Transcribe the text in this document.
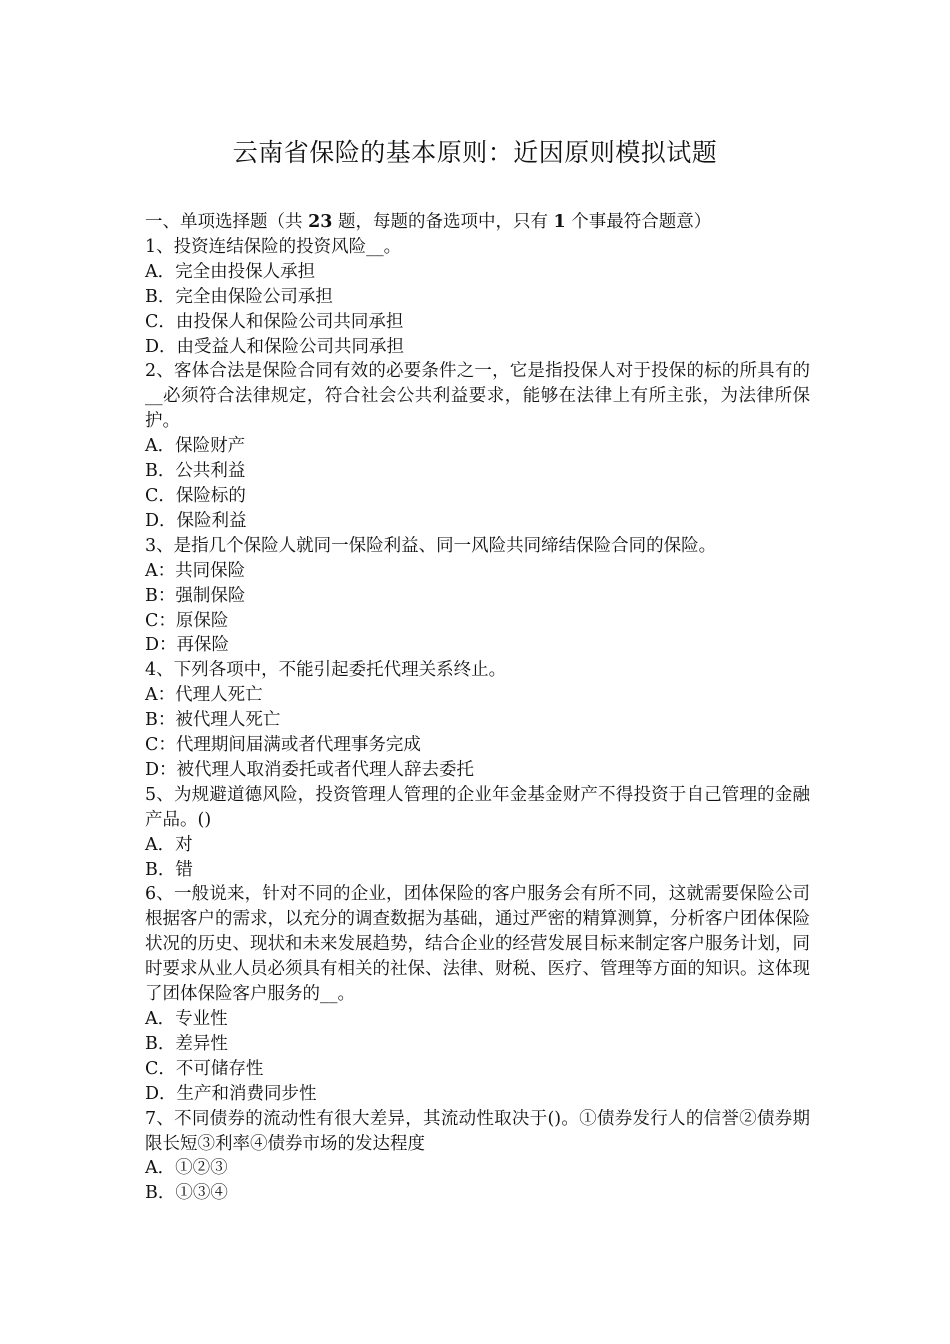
云南省保险的基本原则：近因原则模拟试题

一、单项选择题（共 23 题，每题的备选项中，只有 1 个事最符合题意）

1、投资连结保险的投资风险__。

A．完全由投保人承担

B．完全由保险公司承担

C．由投保人和保险公司共同承担

D．由受益人和保险公司共同承担

2、客体合法是保险合同有效的必要条件之一，它是指投保人对于投保的标的所具有的__必须符合法律规定，符合社会公共利益要求，能够在法律上有所主张，为法律所保护。

A．保险财产

B．公共利益

C．保险标的

D．保险利益

3、是指几个保险人就同一保险利益、同一风险共同缔结保险合同的保险。

A：共同保险

B：强制保险

C：原保险

D：再保险

4、下列各项中，不能引起委托代理关系终止。

A：代理人死亡

B：被代理人死亡

C：代理期间届满或者代理事务完成

D：被代理人取消委托或者代理人辞去委托

5、为规避道德风险，投资管理人管理的企业年金基金财产不得投资于自己管理的金融产品。()

A．对

B．错

6、一般说来，针对不同的企业，团体保险的客户服务会有所不同，这就需要保险公司根据客户的需求，以充分的调查数据为基础，通过严密的精算测算，分析客户团体保险状况的历史、现状和未来发展趋势，结合企业的经营发展目标来制定客户服务计划，同时要求从业人员必须具有相关的社保、法律、财税、医疗、管理等方面的知识。这体现了团体保险客户服务的__。

A．专业性

B．差异性

C．不可储存性

D．生产和消费同步性

7、不同债券的流动性有很大差异，其流动性取决于()。①债券发行人的信誉②债券期限长短③利率④债券市场的发达程度

A．①②③

B．①③④
